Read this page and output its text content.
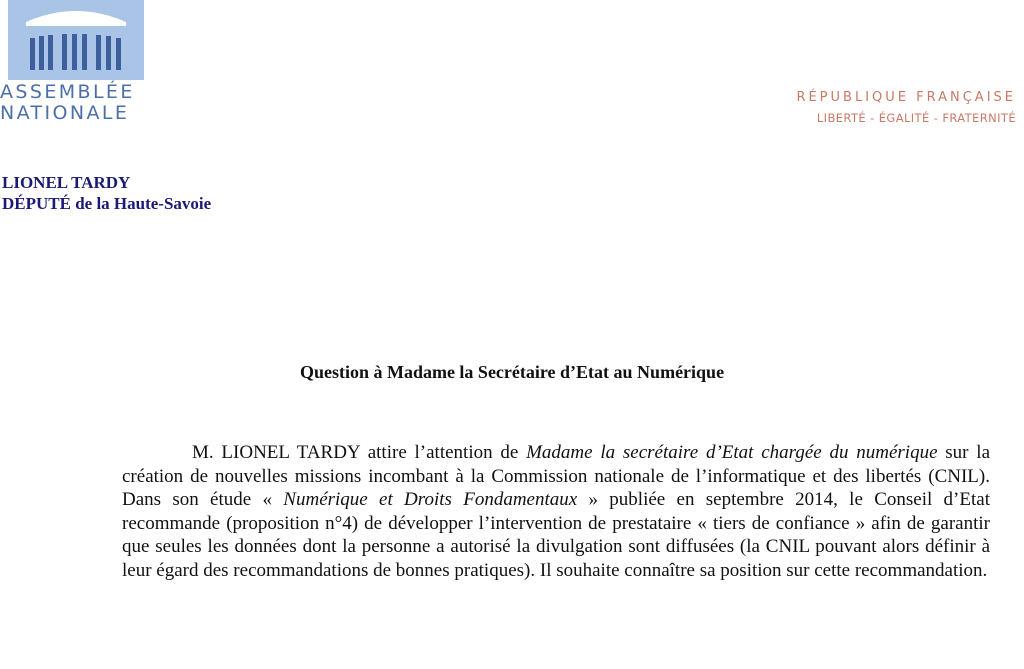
ASSEMBLÉE
NATIONALE
RÉPUBLIQUE FRANÇAISE
LIBERTÉ - ÉGALITÉ - FRATERNITÉ
LIONEL TARDY
DÉPUTÉ de la Haute-Savoie
Question à Madame la Secrétaire d’Etat au Numérique

M. LIONEL TARDY attire l’attention de Madame la secrétaire d’Etat chargée du numérique sur la création de nouvelles missions incombant à la Commission nationale de l’informatique et des libertés (CNIL). Dans son étude « Numérique et Droits Fondamentaux » publiée en septembre 2014, le Conseil d’Etat recommande (proposition n°4) de développer l’intervention de prestataire « tiers de confiance » afin de garantir que seules les données dont la personne a autorisé la divulgation sont diffusées (la CNIL pouvant alors définir à leur égard des recommandations de bonnes pratiques). Il souhaite connaître sa position sur cette recommandation.
